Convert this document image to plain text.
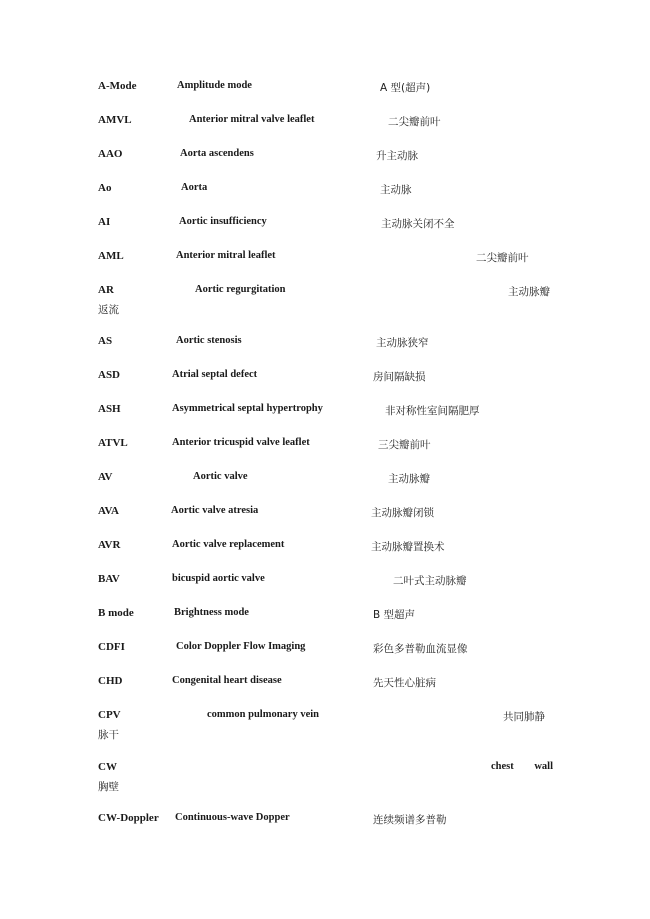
A-Mode	Amplitude mode	A 型(超声)
AMVL	Anterior mitral valve leaflet	二尖瓣前叶
AAO	Aorta ascendens	升主动脉
Ao	Aorta	主动脉
AI	Aortic insufficiency	主动脉关闭不全
AML	Anterior mitral leaflet	二尖瓣前叶
AR	Aortic regurgitation	主动脉瓣
返流
AS	Aortic stenosis	主动脉狭窄
ASD	Atrial septal defect	房间隔缺损
ASH	Asymmetrical septal hypertrophy	非对称性室间隔肥厚
ATVL	Anterior tricuspid valve leaflet	三尖瓣前叶
AV	Aortic valve	主动脉瓣
AVA	Aortic valve atresia	主动脉瓣闭锁
AVR	Aortic valve replacement	主动脉瓣置换术
BAV	bicuspid aortic valve	二叶式主动脉瓣
B mode	Brightness mode	B 型超声
CDFI	Color Doppler Flow Imaging	彩色多普勒血流显像
CHD	Congenital heart disease	先天性心脏病
CPV	common pulmonary vein	共同肺静
脉干
CW	chest wall
胸壁
CW-Doppler Continuous-wave Dopper	连续频谱多普勒
